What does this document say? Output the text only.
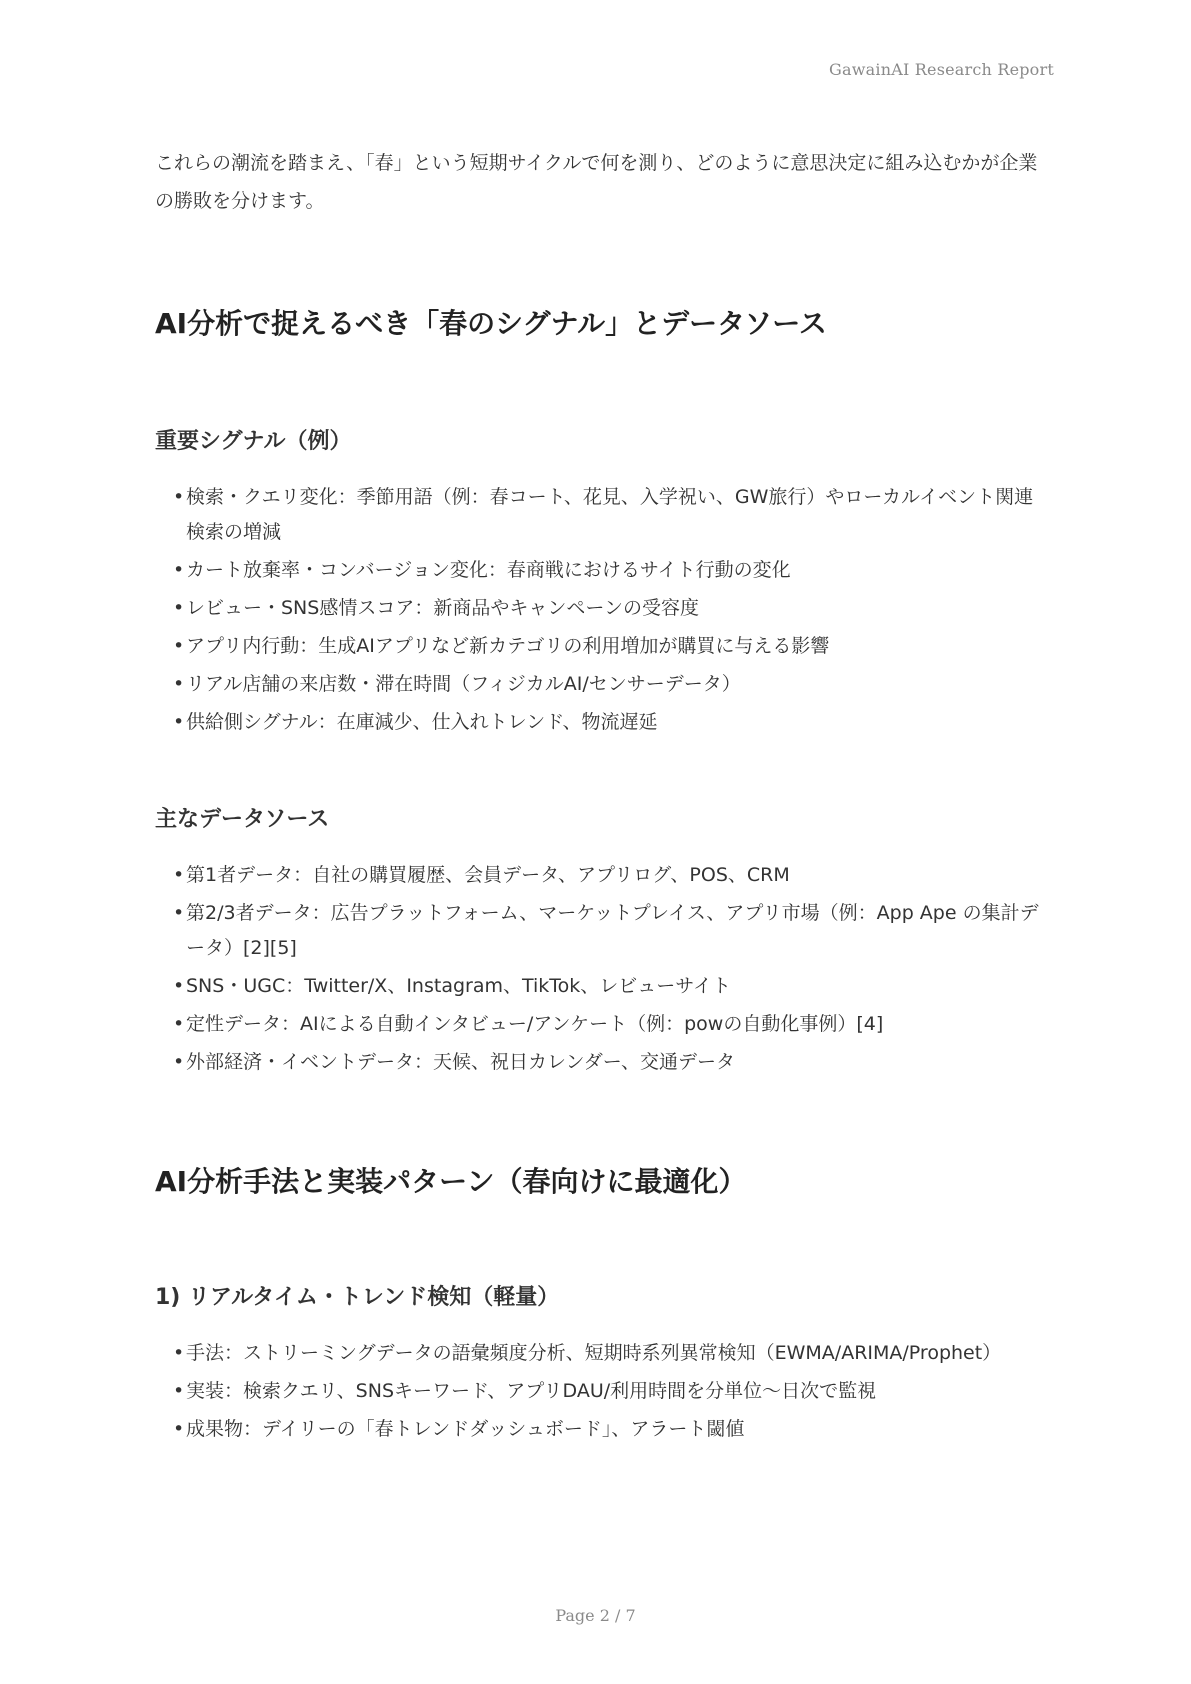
GawainAI Research Report

これらの潮流を踏まえ、「春」という短期サイクルで何を測り、どのように意思決定に組み込むかが企業の勝敗を分けます。

AI分析で捉えるべき「春のシグナル」とデータソース
重要シグナル（例）
• 検索・クエリ変化：季節用語（例：春コート、花見、入学祝い、GW旅行）やローカルイベント関連検索の増減
• カート放棄率・コンバージョン変化：春商戦におけるサイト行動の変化
• レビュー・SNS感情スコア：新商品やキャンペーンの受容度
• アプリ内行動：生成AIアプリなど新カテゴリの利用増加が購買に与える影響
• リアル店舗の来店数・滞在時間（フィジカルAI/センサーデータ）
• 供給側シグナル：在庫減少、仕入れトレンド、物流遅延
主なデータソース
• 第1者データ：自社の購買履歴、会員データ、アプリログ、POS、CRM
• 第2/3者データ：広告プラットフォーム、マーケットプレイス、アプリ市場（例：App Ape の集計データ）[2][5]
• SNS・UGC：Twitter/X、Instagram、TikTok、レビューサイト
• 定性データ：AIによる自動インタビュー/アンケート（例：powの自動化事例）[4]
• 外部経済・イベントデータ：天候、祝日カレンダー、交通データ
AI分析手法と実装パターン（春向けに最適化）
1) リアルタイム・トレンド検知（軽量）
• 手法：ストリーミングデータの語彙頻度分析、短期時系列異常検知（EWMA/ARIMA/Prophet）
• 実装：検索クエリ、SNSキーワード、アプリDAU/利用時間を分単位〜日次で監視
• 成果物：デイリーの「春トレンドダッシュボード」、アラート閾値
Page 2 / 7
